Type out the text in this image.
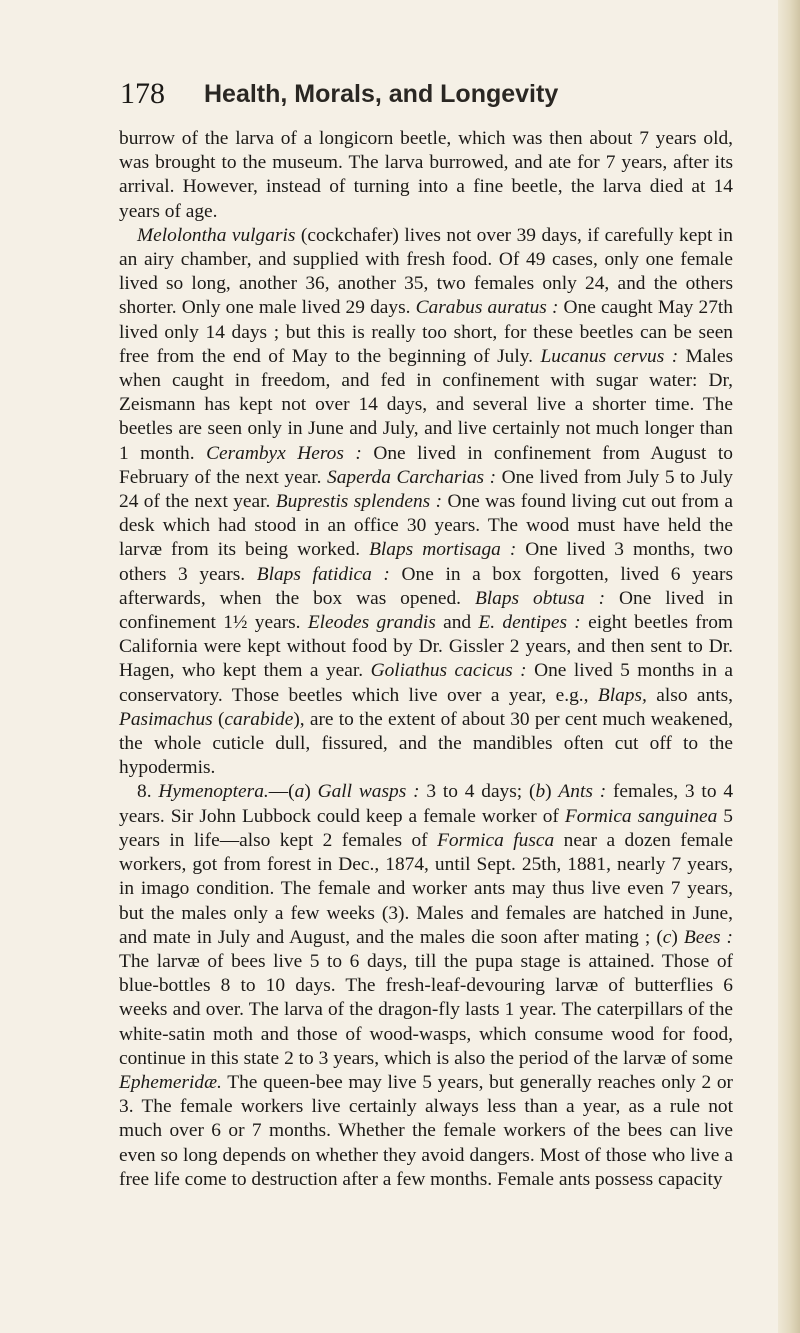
178 Health, Morals, and Longevity

burrow of the larva of a longicorn beetle, which was then about 7 years old, was brought to the museum. The larva burrowed, and ate for 7 years, after its arrival. However, instead of turning into a fine beetle, the larva died at 14 years of age.

Melolontha vulgaris (cockchafer) lives not over 39 days, if carefully kept in an airy chamber, and supplied with fresh food. Of 49 cases, only one female lived so long, another 36, another 35, two females only 24, and the others shorter. Only one male lived 29 days. Carabus auratus : One caught May 27th lived only 14 days ; but this is really too short, for these beetles can be seen free from the end of May to the beginning of July. Lucanus cervus : Males when caught in freedom, and fed in confinement with sugar water: Dr, Zeismann has kept not over 14 days, and several live a shorter time. The beetles are seen only in June and July, and live certainly not much longer than 1 month. Cerambyx Heros : One lived in confinement from August to February of the next year. Saperda Carcharias : One lived from July 5 to July 24 of the next year. Buprestis splendens : One was found living cut out from a desk which had stood in an office 30 years. The wood must have held the larvæ from its being worked. Blaps mortisaga : One lived 3 months, two others 3 years. Blaps fatidica : One in a box forgotten, lived 6 years afterwards, when the box was opened. Blaps obtusa : One lived in confinement 1½ years. Eleodes grandis and E. dentipes : eight beetles from California were kept without food by Dr. Gissler 2 years, and then sent to Dr. Hagen, who kept them a year. Goliathus cacicus : One lived 5 months in a conservatory. Those beetles which live over a year, e.g., Blaps, also ants, Pasimachus (carabide), are to the extent of about 30 per cent much weakened, the whole cuticle dull, fissured, and the mandibles often cut off to the hypodermis.

8. Hymenoptera.—(a) Gall wasps : 3 to 4 days; (b) Ants : females, 3 to 4 years. Sir John Lubbock could keep a female worker of Formica sanguinea 5 years in life—also kept 2 females of Formica fusca near a dozen female workers, got from forest in Dec., 1874, until Sept. 25th, 1881, nearly 7 years, in imago condition. The female and worker ants may thus live even 7 years, but the males only a few weeks (3). Males and females are hatched in June, and mate in July and August, and the males die soon after mating ; (c) Bees : The larvæ of bees live 5 to 6 days, till the pupa stage is attained. Those of blue-bottles 8 to 10 days. The fresh-leaf-devouring larvæ of butterflies 6 weeks and over. The larva of the dragon-fly lasts 1 year. The caterpillars of the white-satin moth and those of wood-wasps, which consume wood for food, continue in this state 2 to 3 years, which is also the period of the larvæ of some Ephemeridæ. The queen-bee may live 5 years, but generally reaches only 2 or 3. The female workers live certainly always less than a year, as a rule not much over 6 or 7 months. Whether the female workers of the bees can live even so long depends on whether they avoid dangers. Most of those who live a free life come to destruction after a few months. Female ants possess capacity
